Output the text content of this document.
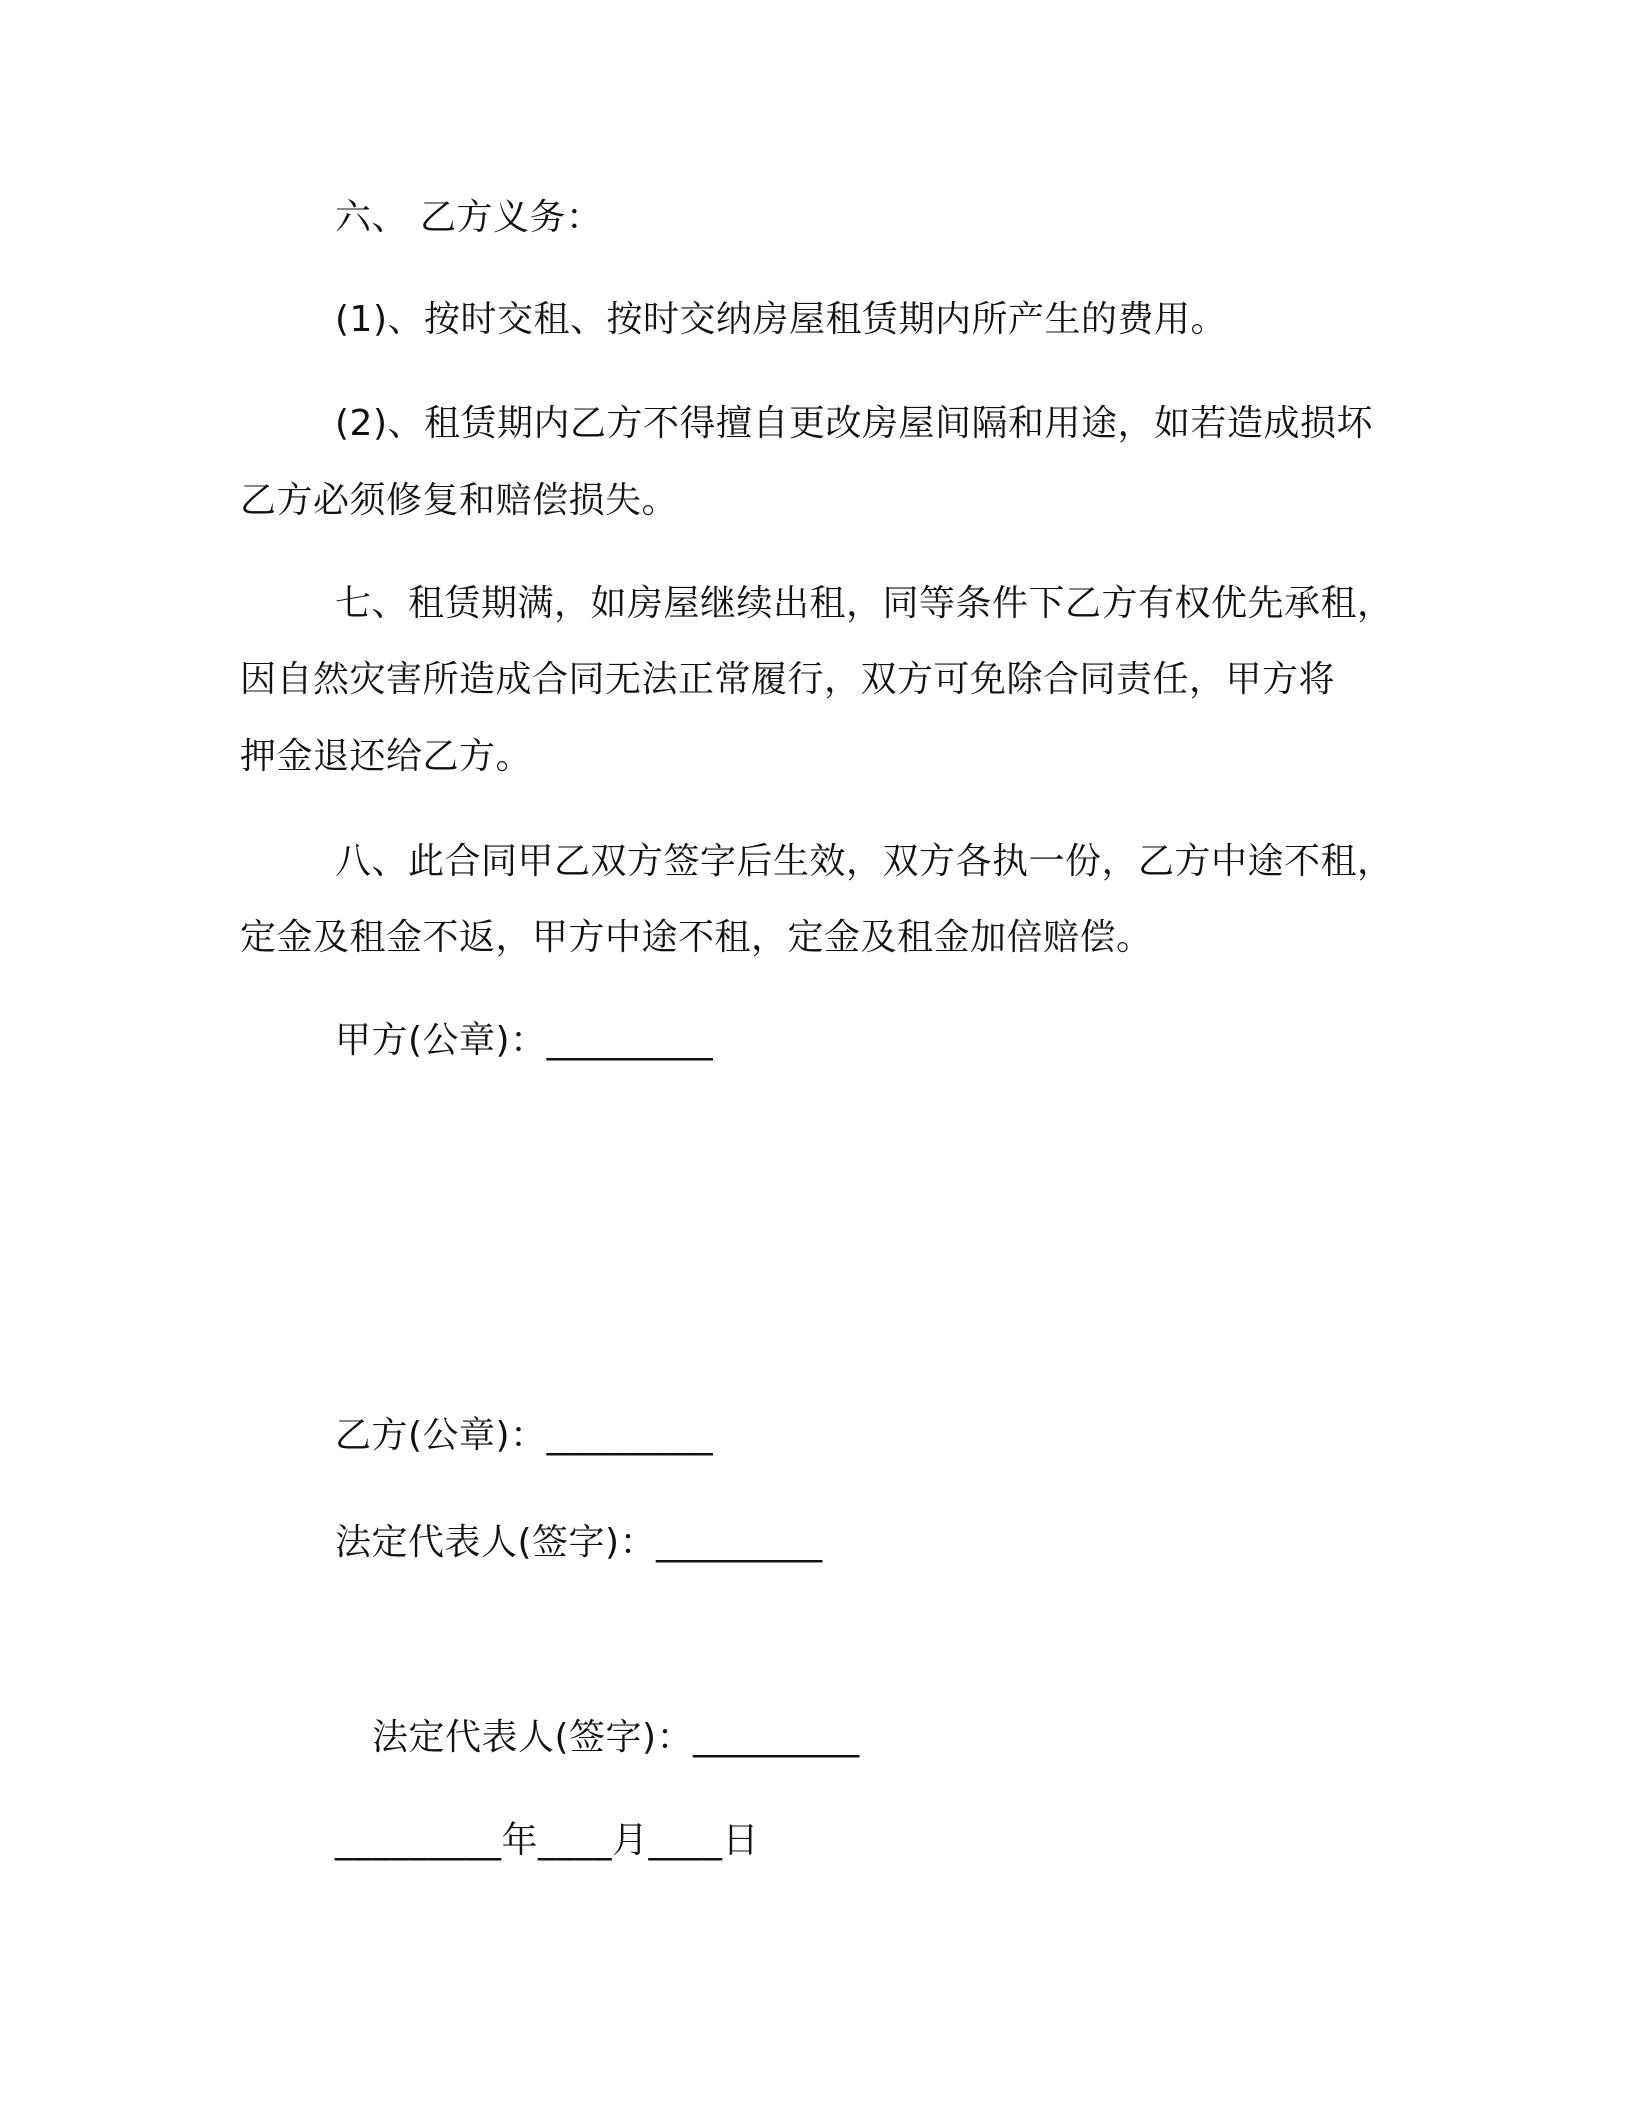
六、 乙方义务：
(1)、按时交租、按时交纳房屋租赁期内所产生的费用。
(2)、租赁期内乙方不得擅自更改房屋间隔和用途，如若造成损坏
乙方必须修复和赔偿损失。
七、租赁期满，如房屋继续出租，同等条件下乙方有权优先承租，
因自然灾害所造成合同无法正常履行，双方可免除合同责任，甲方将
押金退还给乙方。
八、此合同甲乙双方签字后生效，双方各执一份，乙方中途不租，
定金及租金不返，甲方中途不租，定金及租金加倍赔偿。
甲方(公章)：_________
乙方(公章)：_________
法定代表人(签字)：_________
法定代表人(签字)：_________
_________年____月____日
